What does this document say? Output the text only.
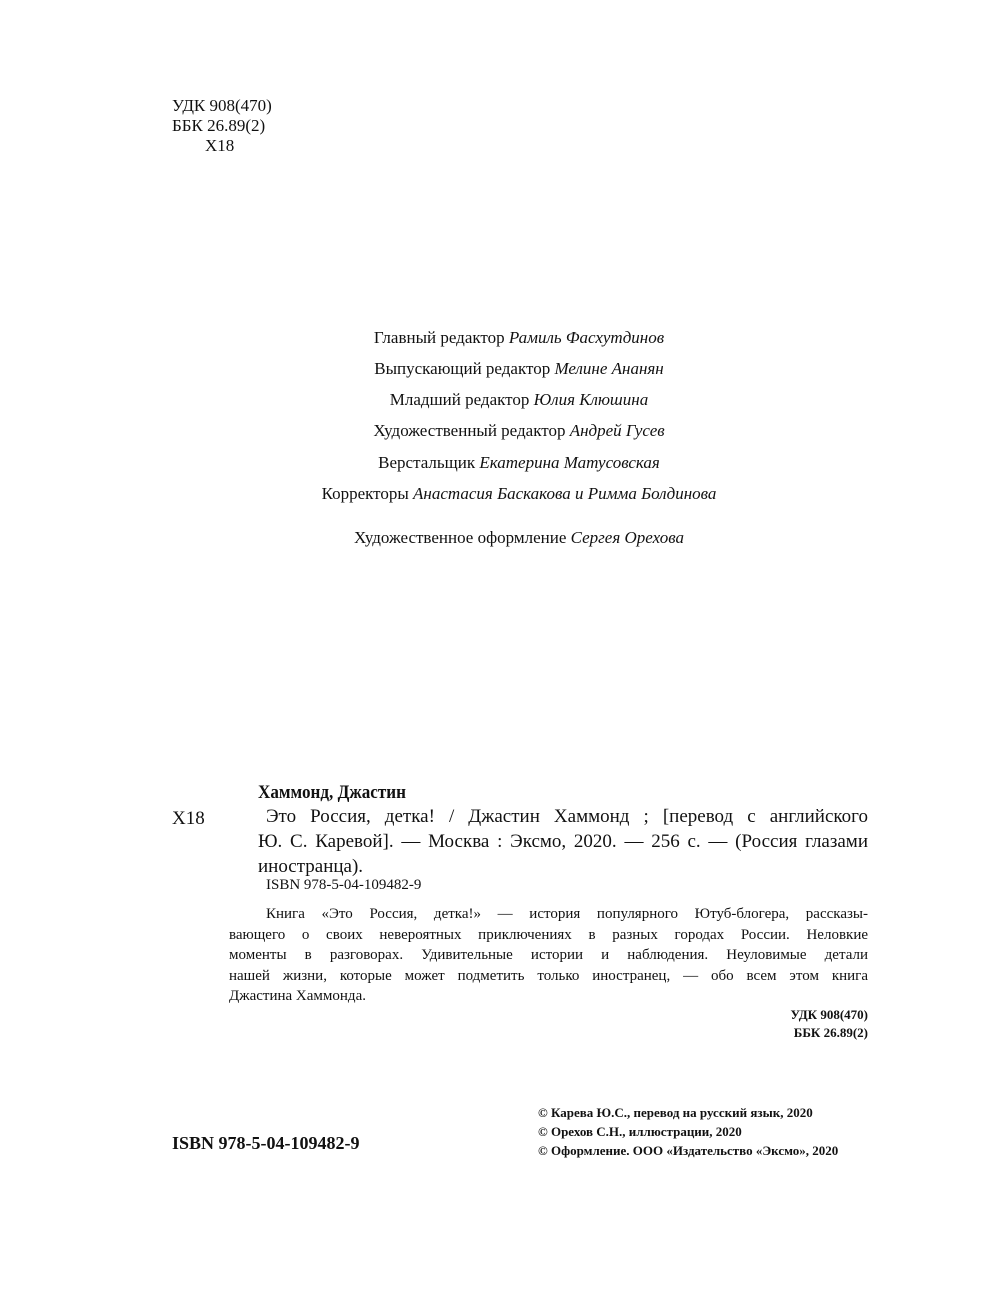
УДК 908(470)
ББК 26.89(2)
Х18
Главный редактор Рамиль Фасхутдинов
Выпускающий редактор Мелине Ананян
Младший редактор Юлия Клюшина
Художественный редактор Андрей Гусев
Верстальщик Екатерина Матусовская
Корректоры Анастасия Баскакова и Римма Болдинова
Художественное оформление Сергея Орехова
Хаммонд, Джастин
Х18	Это Россия, детка! / Джастин Хаммонд ; [перевод с английского
Ю. С. Каревой]. — Москва : Эксмо, 2020. — 256 с. — (Россия глазами
иностранца).
ISBN 978-5-04-109482-9
Книга «Это Россия, детка!» — история популярного Ютуб-блогера, рассказы-
вающего о своих невероятных приключениях в разных городах России. Неловкие
моменты в разговорах. Удивительные истории и наблюдения. Неуловимые детали
нашей жизни, которые может подметить только иностранец, — обо всем этом книга
Джастина Хаммонда.
УДК 908(470)
ББК 26.89(2)
ISBN 978-5-04-109482-9
© Карева Ю.С., перевод на русский язык, 2020
© Орехов С.Н., иллюстрации, 2020
© Оформление. ООО «Издательство «Эксмо», 2020
